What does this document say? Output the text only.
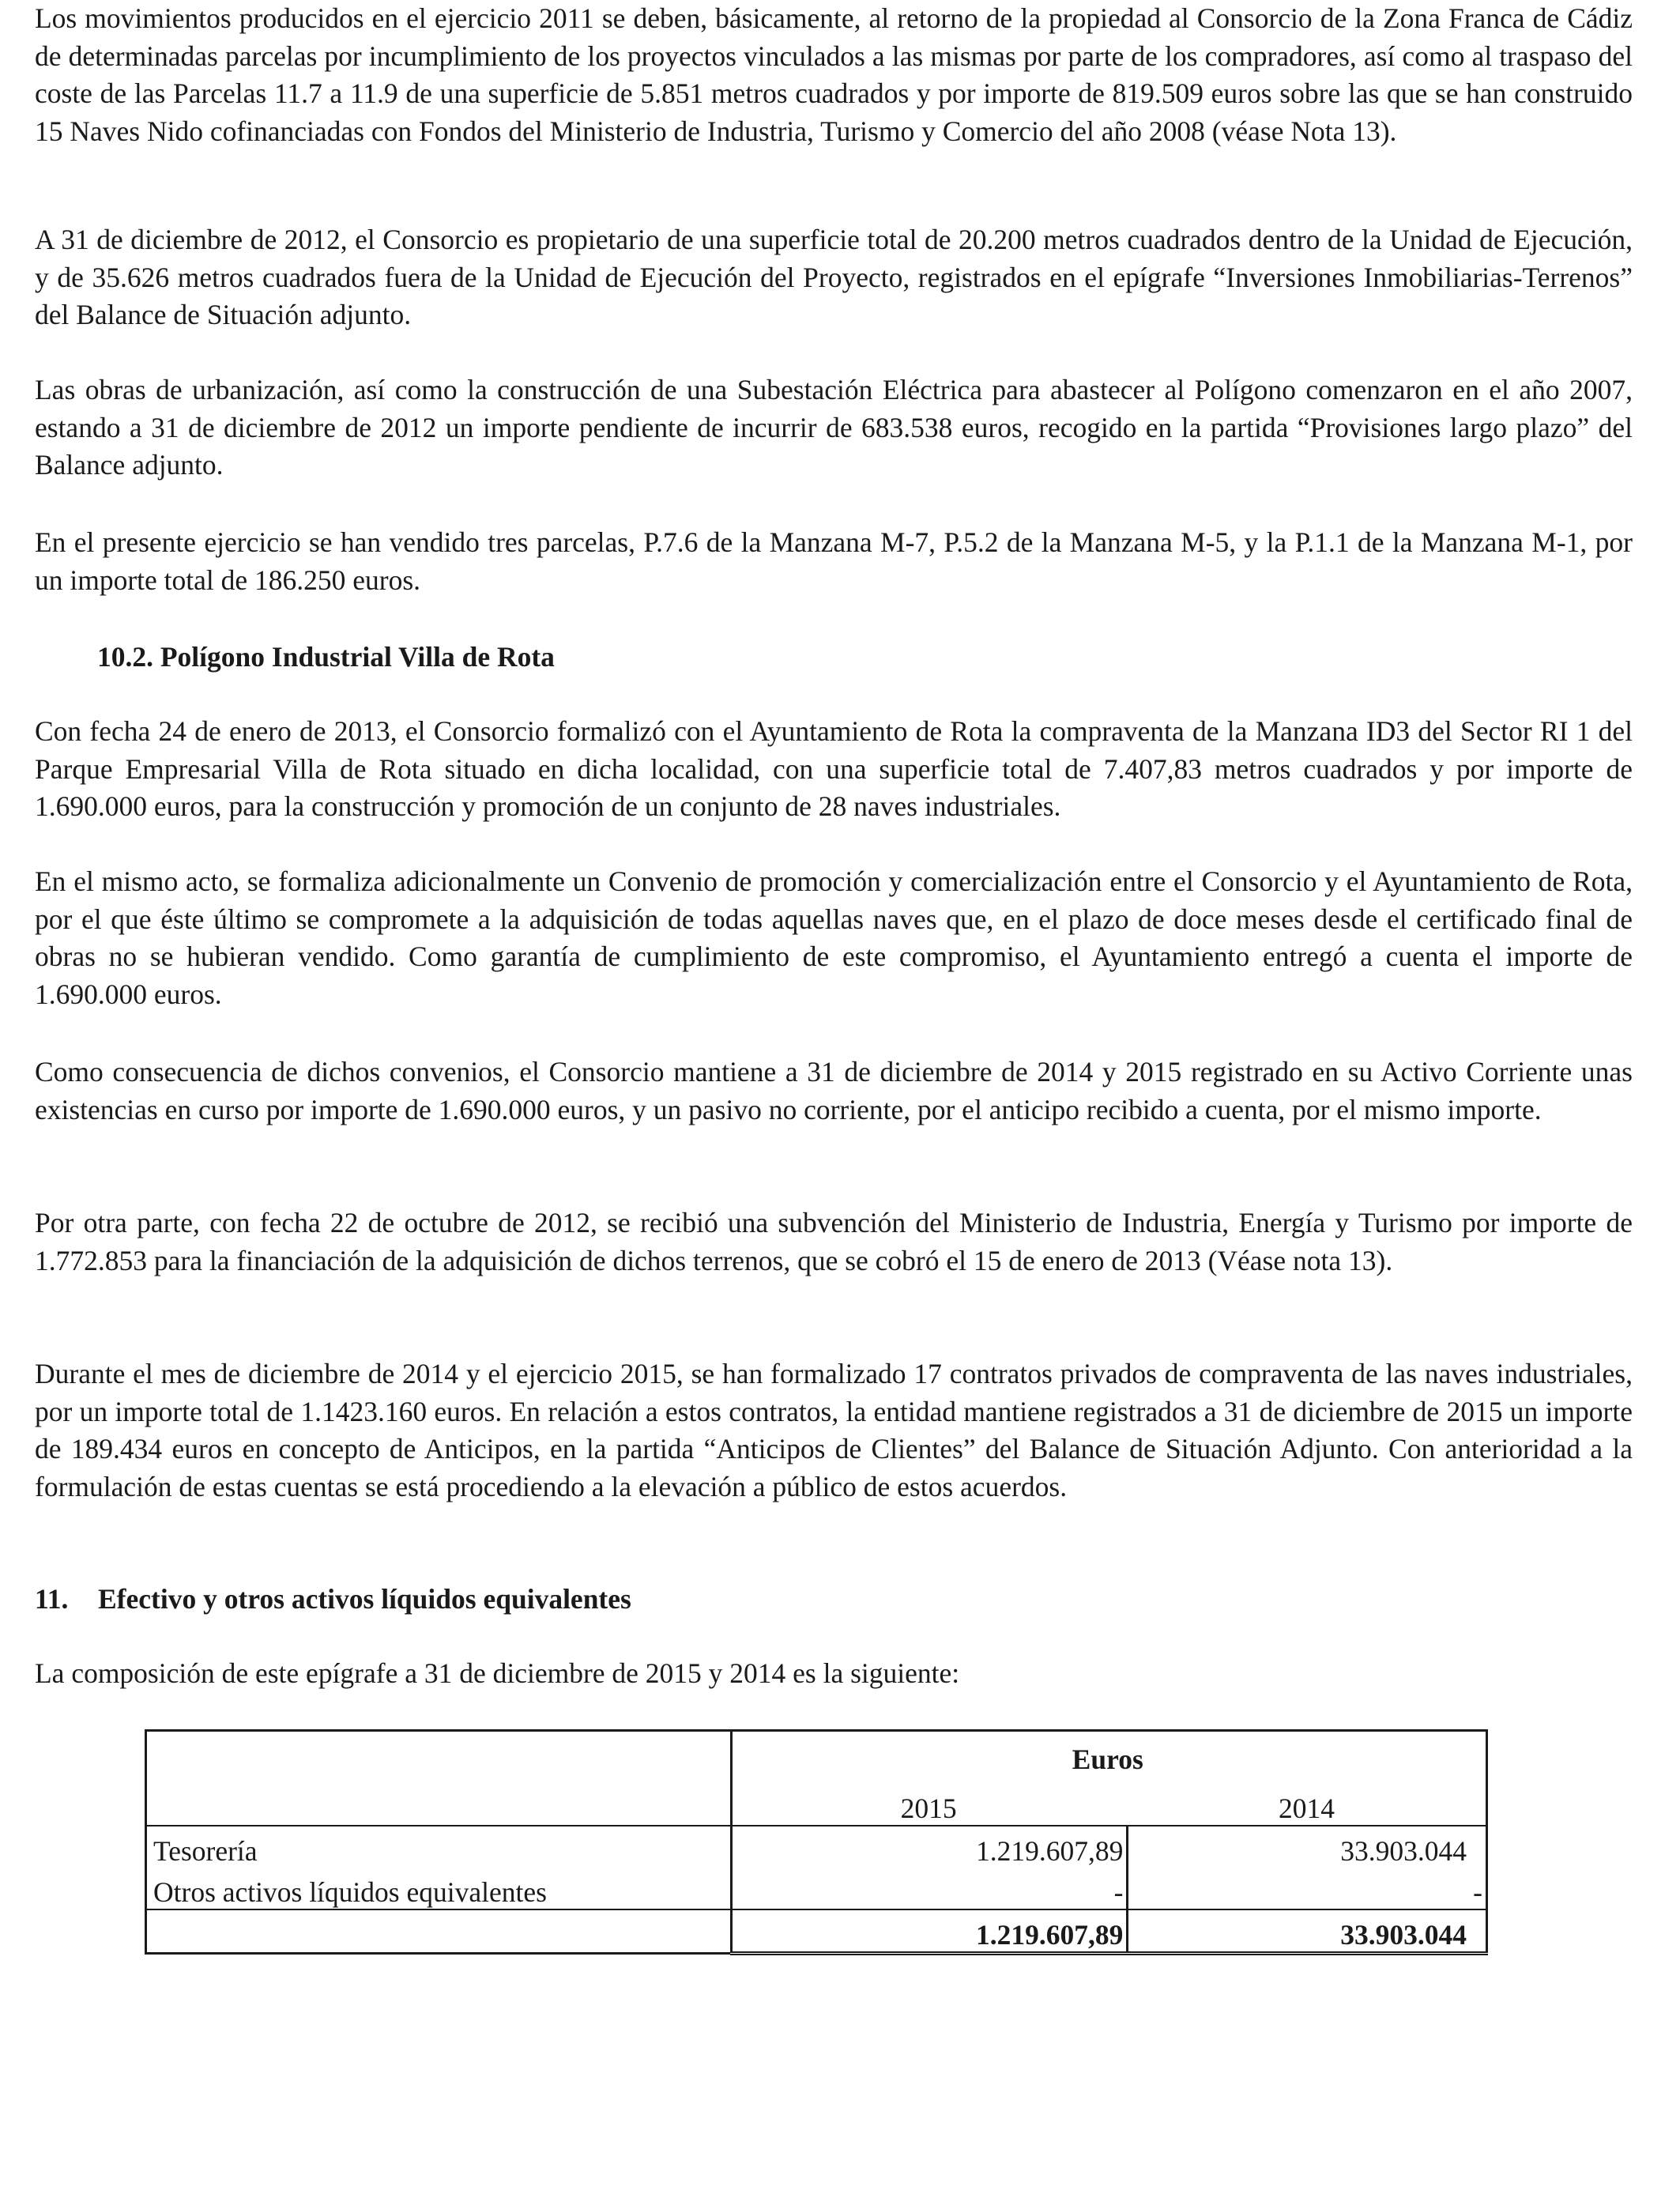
Los movimientos producidos en el ejercicio 2011 se deben, básicamente, al retorno de la propiedad al Consorcio de la Zona Franca de Cádiz de determinadas parcelas por incumplimiento de los proyectos vinculados a las mismas por parte de los compradores, así como al traspaso del coste de las Parcelas 11.7 a 11.9 de una superficie de 5.851 metros cuadrados y por importe de 819.509 euros sobre las que se han construido 15 Naves Nido cofinanciadas con Fondos del Ministerio de Industria, Turismo y Comercio del año 2008 (véase Nota 13).

A 31 de diciembre de 2012, el Consorcio es propietario de una superficie total de 20.200 metros cuadrados dentro de la Unidad de Ejecución, y de 35.626 metros cuadrados fuera de la Unidad de Ejecución del Proyecto, registrados en el epígrafe “Inversiones Inmobiliarias-Terrenos” del Balance de Situación adjunto.

Las obras de urbanización, así como la construcción de una Subestación Eléctrica para abastecer al Polígono comenzaron en el año 2007, estando a 31 de diciembre de 2012 un importe pendiente de incurrir de 683.538 euros, recogido en la partida “Provisiones largo plazo” del Balance adjunto.

En el presente ejercicio se han vendido tres parcelas, P.7.6 de la Manzana M-7, P.5.2 de la Manzana M-5, y la P.1.1 de la Manzana M-1, por un importe total de 186.250 euros.

10.2. Polígono Industrial Villa de Rota

Con fecha 24 de enero de 2013, el Consorcio formalizó con el Ayuntamiento de Rota la compraventa de la Manzana ID3 del Sector RI 1 del Parque Empresarial Villa de Rota situado en dicha localidad, con una superficie total de 7.407,83 metros cuadrados y por importe de 1.690.000 euros, para la construcción y promoción de un conjunto de 28 naves industriales.

En el mismo acto, se formaliza adicionalmente un Convenio de promoción y comercialización entre el Consorcio y el Ayuntamiento de Rota, por el que éste último se compromete a la adquisición de todas aquellas naves que, en el plazo de doce meses desde el certificado final de obras no se hubieran vendido. Como garantía de cumplimiento de este compromiso, el Ayuntamiento entregó a cuenta el importe de 1.690.000 euros.

Como consecuencia de dichos convenios, el Consorcio mantiene a 31 de diciembre de 2014 y 2015 registrado en su Activo Corriente unas existencias en curso por importe de 1.690.000 euros, y un pasivo no corriente, por el anticipo recibido a cuenta, por el mismo importe.

Por otra parte, con fecha 22 de octubre de 2012, se recibió una subvención del Ministerio de Industria, Energía y Turismo por importe de 1.772.853 para la financiación de la adquisición de dichos terrenos, que se cobró el 15 de enero de 2013 (Véase nota 13).

Durante el mes de diciembre de 2014 y el ejercicio 2015, se han formalizado 17 contratos privados de compraventa de las naves industriales, por un importe total de 1.1423.160 euros. En relación a estos contratos, la entidad mantiene registrados a 31 de diciembre de 2015 un importe de 189.434 euros en concepto de Anticipos, en la partida “Anticipos de Clientes” del Balance de Situación Adjunto. Con anterioridad a la formulación de estas cuentas se está procediendo a la elevación a público de estos acuerdos.

11. Efectivo y otros activos líquidos equivalentes

La composición de este epígrafe a 31 de diciembre de 2015 y 2014 es la siguiente:

	Euros	
	2015	2014
Tesorería	1.219.607,89	33.903.044
Otros activos líquidos equivalentes	-	-
	1.219.607,89	33.903.044
